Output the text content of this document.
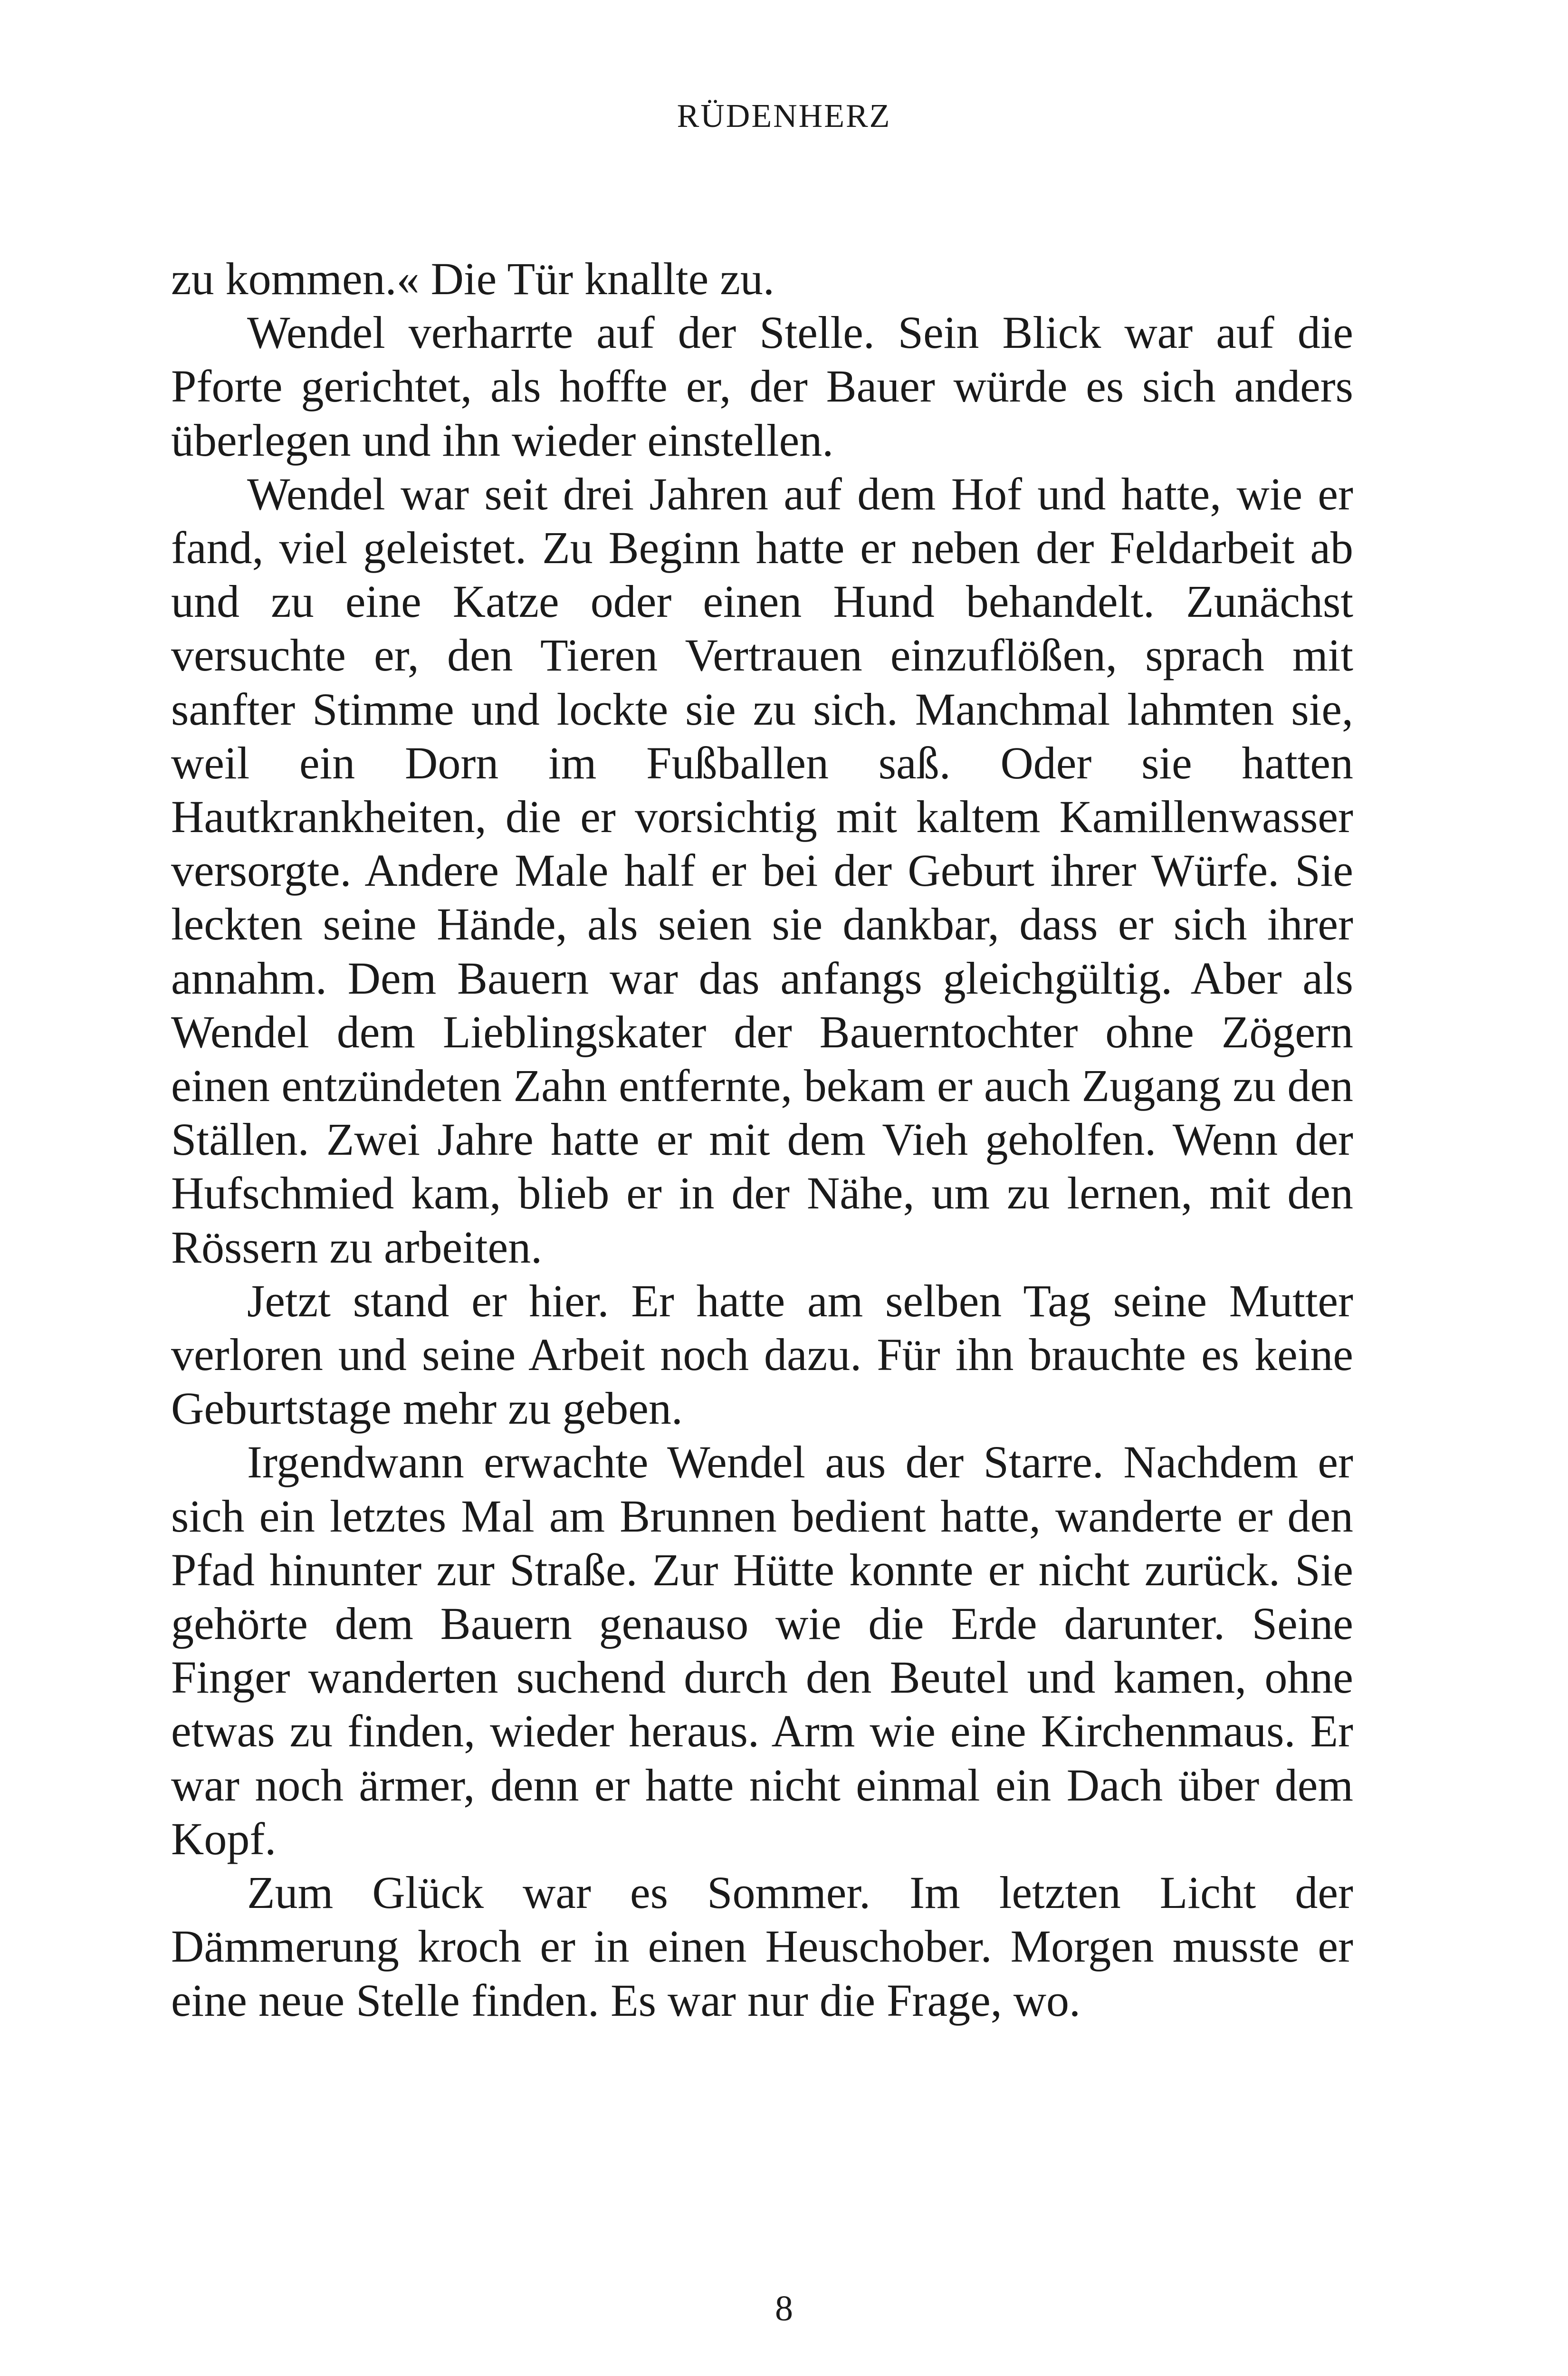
RÜDENHERZ

zu kommen.« Die Tür knallte zu.

Wendel verharrte auf der Stelle. Sein Blick war auf die Pforte gerichtet, als hoffte er, der Bauer würde es sich anders überlegen und ihn wieder einstellen.

Wendel war seit drei Jahren auf dem Hof und hatte, wie er fand, viel geleistet. Zu Beginn hatte er neben der Feldarbeit ab und zu eine Katze oder einen Hund behandelt. Zunächst versuchte er, den Tieren Vertrauen einzuflößen, sprach mit sanfter Stimme und lockte sie zu sich. Manchmal lahmten sie, weil ein Dorn im Fußballen saß. Oder sie hatten Hautkrankheiten, die er vorsichtig mit kaltem Kamillenwasser versorgte. Andere Male half er bei der Geburt ihrer Würfe. Sie leckten seine Hände, als seien sie dankbar, dass er sich ihrer annahm. Dem Bauern war das anfangs gleichgültig. Aber als Wendel dem Lieblingskater der Bauerntochter ohne Zögern einen entzündeten Zahn entfernte, bekam er auch Zugang zu den Ställen. Zwei Jahre hatte er mit dem Vieh geholfen. Wenn der Hufschmied kam, blieb er in der Nähe, um zu lernen, mit den Rössern zu arbeiten.

Jetzt stand er hier. Er hatte am selben Tag seine Mutter verloren und seine Arbeit noch dazu. Für ihn brauchte es keine Geburtstage mehr zu geben.

Irgendwann erwachte Wendel aus der Starre. Nachdem er sich ein letztes Mal am Brunnen bedient hatte, wanderte er den Pfad hinunter zur Straße. Zur Hütte konnte er nicht zurück. Sie gehörte dem Bauern genauso wie die Erde darunter. Seine Finger wanderten suchend durch den Beutel und kamen, ohne etwas zu finden, wieder heraus. Arm wie eine Kirchenmaus. Er war noch ärmer, denn er hatte nicht einmal ein Dach über dem Kopf.

Zum Glück war es Sommer. Im letzten Licht der Dämmerung kroch er in einen Heuschober. Morgen musste er eine neue Stelle finden. Es war nur die Frage, wo.

8
